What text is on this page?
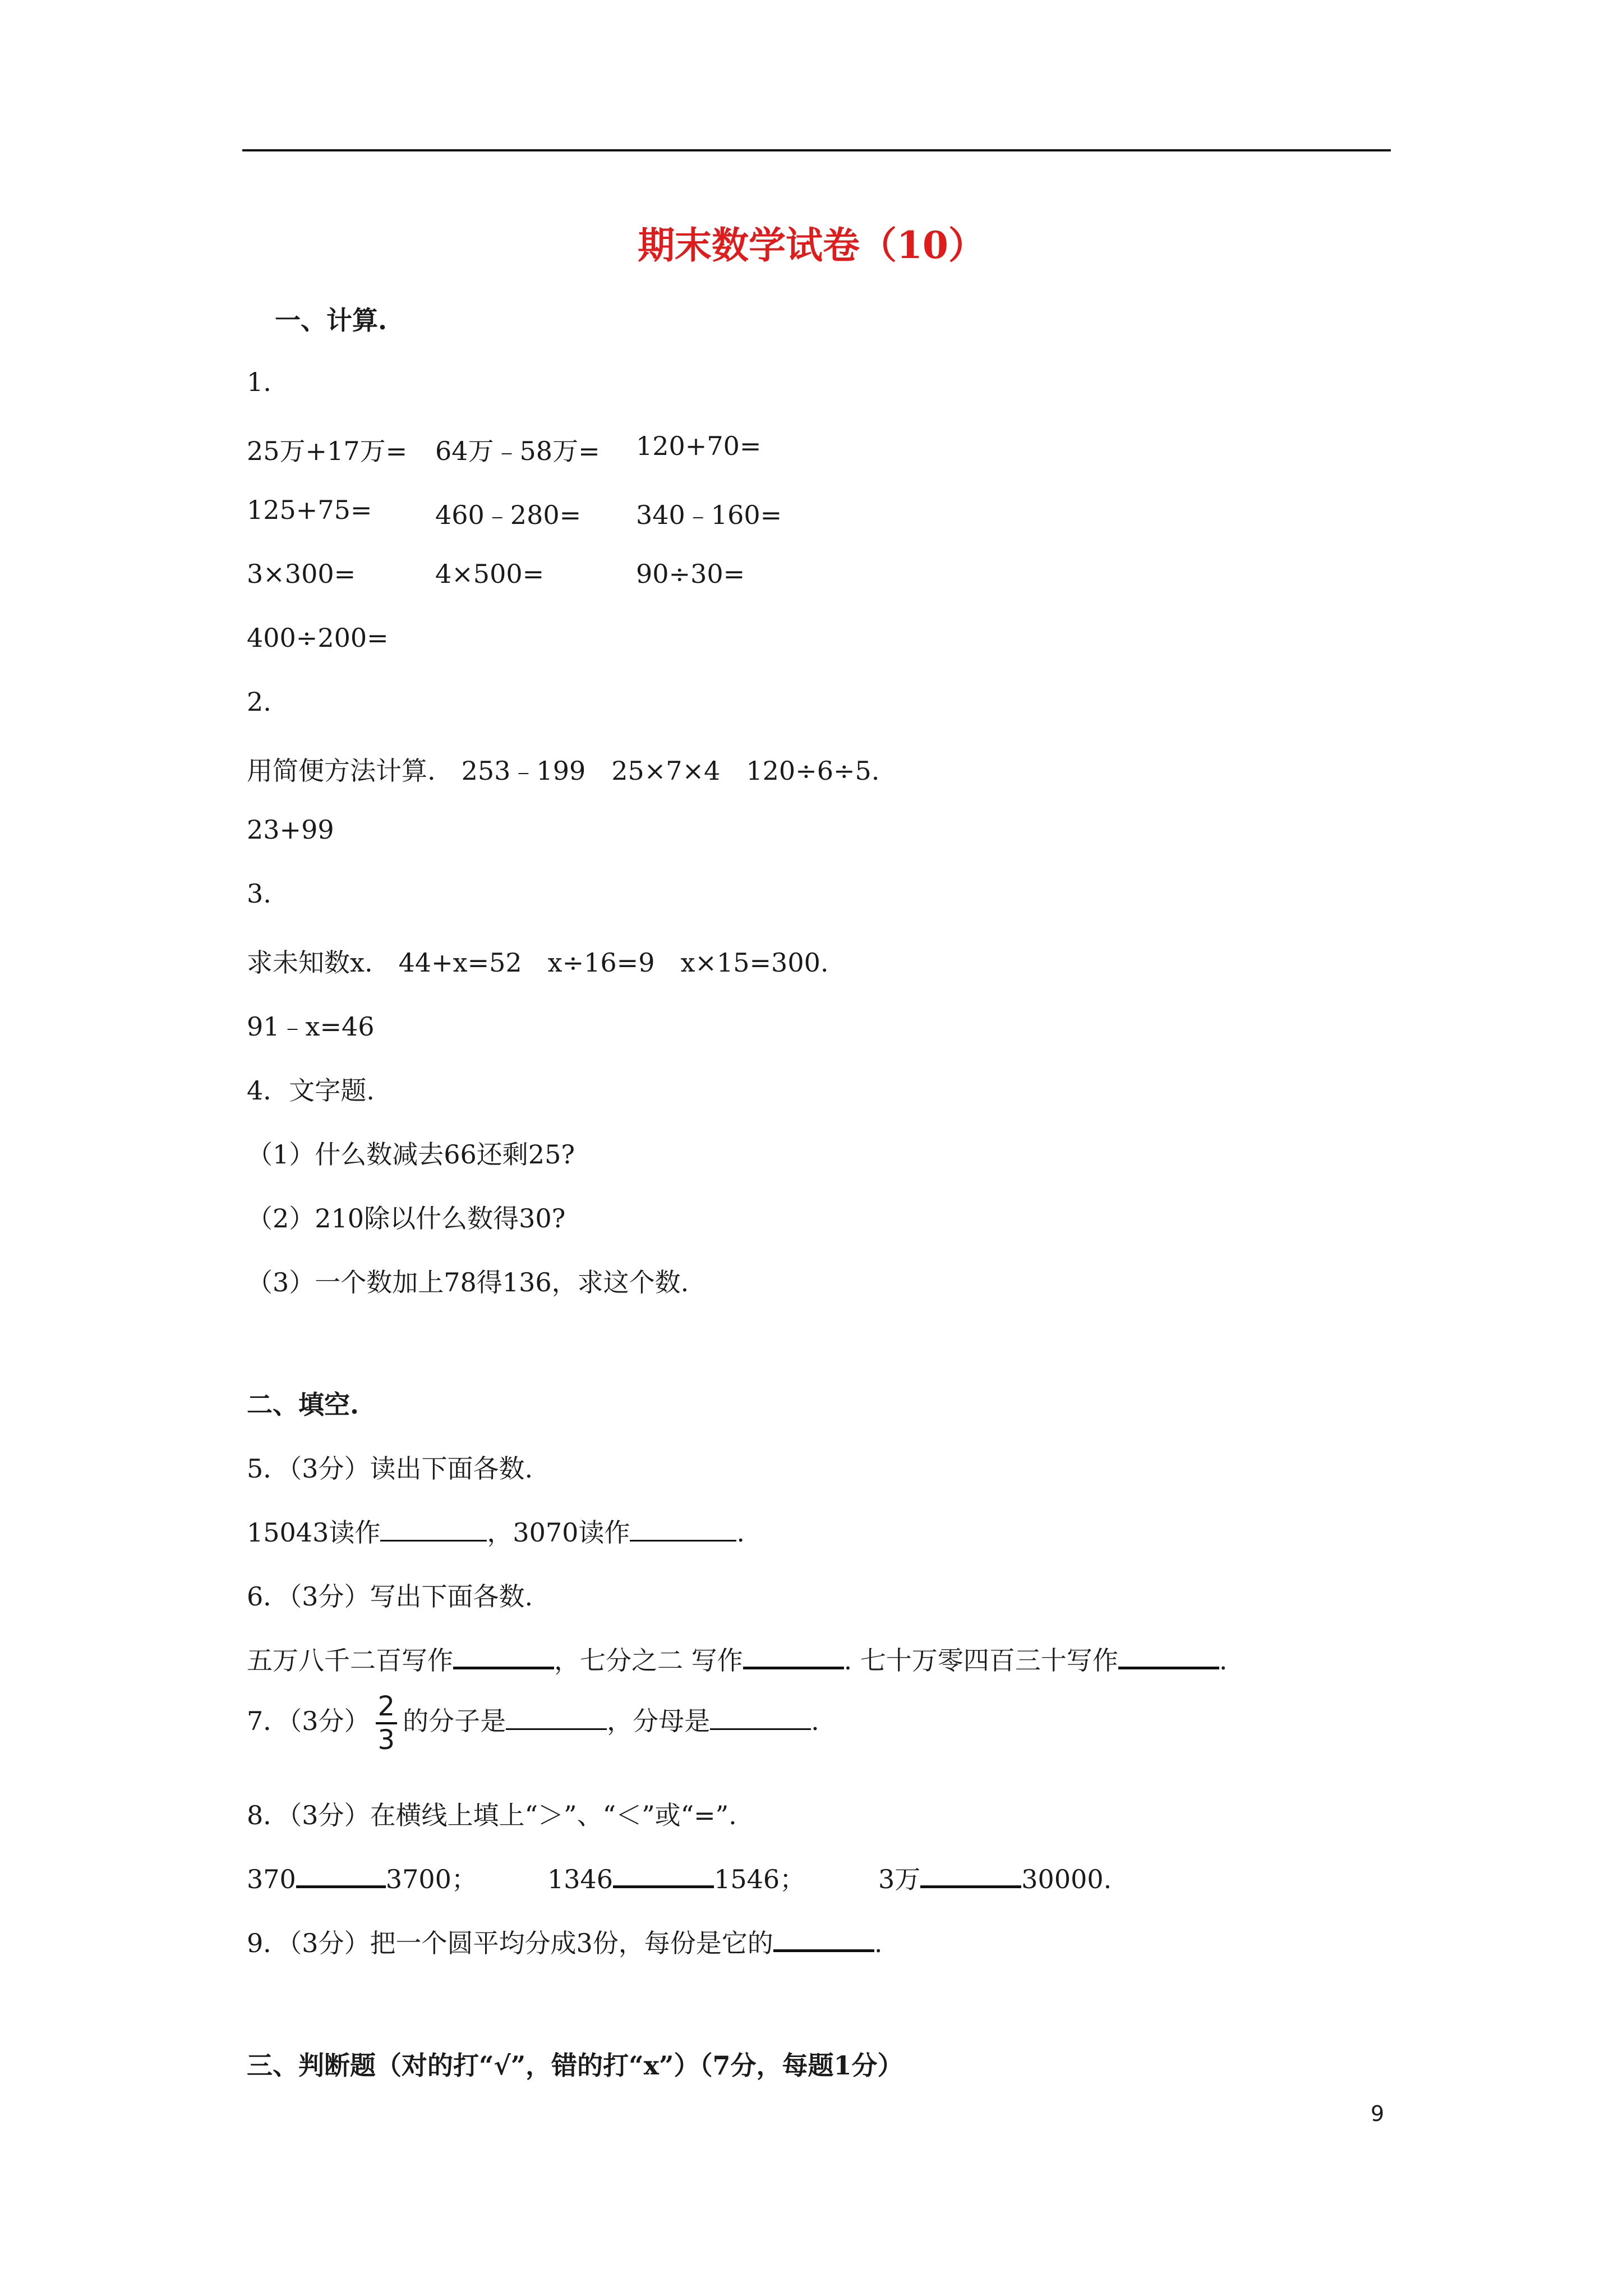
期末数学试卷（10）
一、计算.
1.
25万+17万= 64万﹣58万= 120+70=
125+75= 460﹣280= 340﹣160=
3×300=	4×500=	90÷30=
400÷200=
2.
用简便方法计算.　253﹣199　25×7×4　120÷6÷5.
23+99
3.
求未知数x.　44+x=52　x÷16=9　x×15=300.
91﹣x=46
4．文字题.
（1）什么数减去66还剩25?
（2）210除以什么数得30?
（3）一个数加上78得136，求这个数.
二、填空.
5．（3分）读出下面各数.
15043读作	，3070读作	.
6．（3分）写出下面各数.
五万八千二百写作	，七分之二 写作	. 七十万零四百三十写作	.
7．（3分） $\frac{2}{3}$ 的分子是	，分母是	.
8．（3分）在横线上填上“＞”、“＜”或“=”.
370	3700；	1346	1546；	3万	30000.
9．（3分）把一个圆平均分成3份，每份是它的	.
三、判断题（对的打“√”，错的打“x”）（7分，每题1分）
9
